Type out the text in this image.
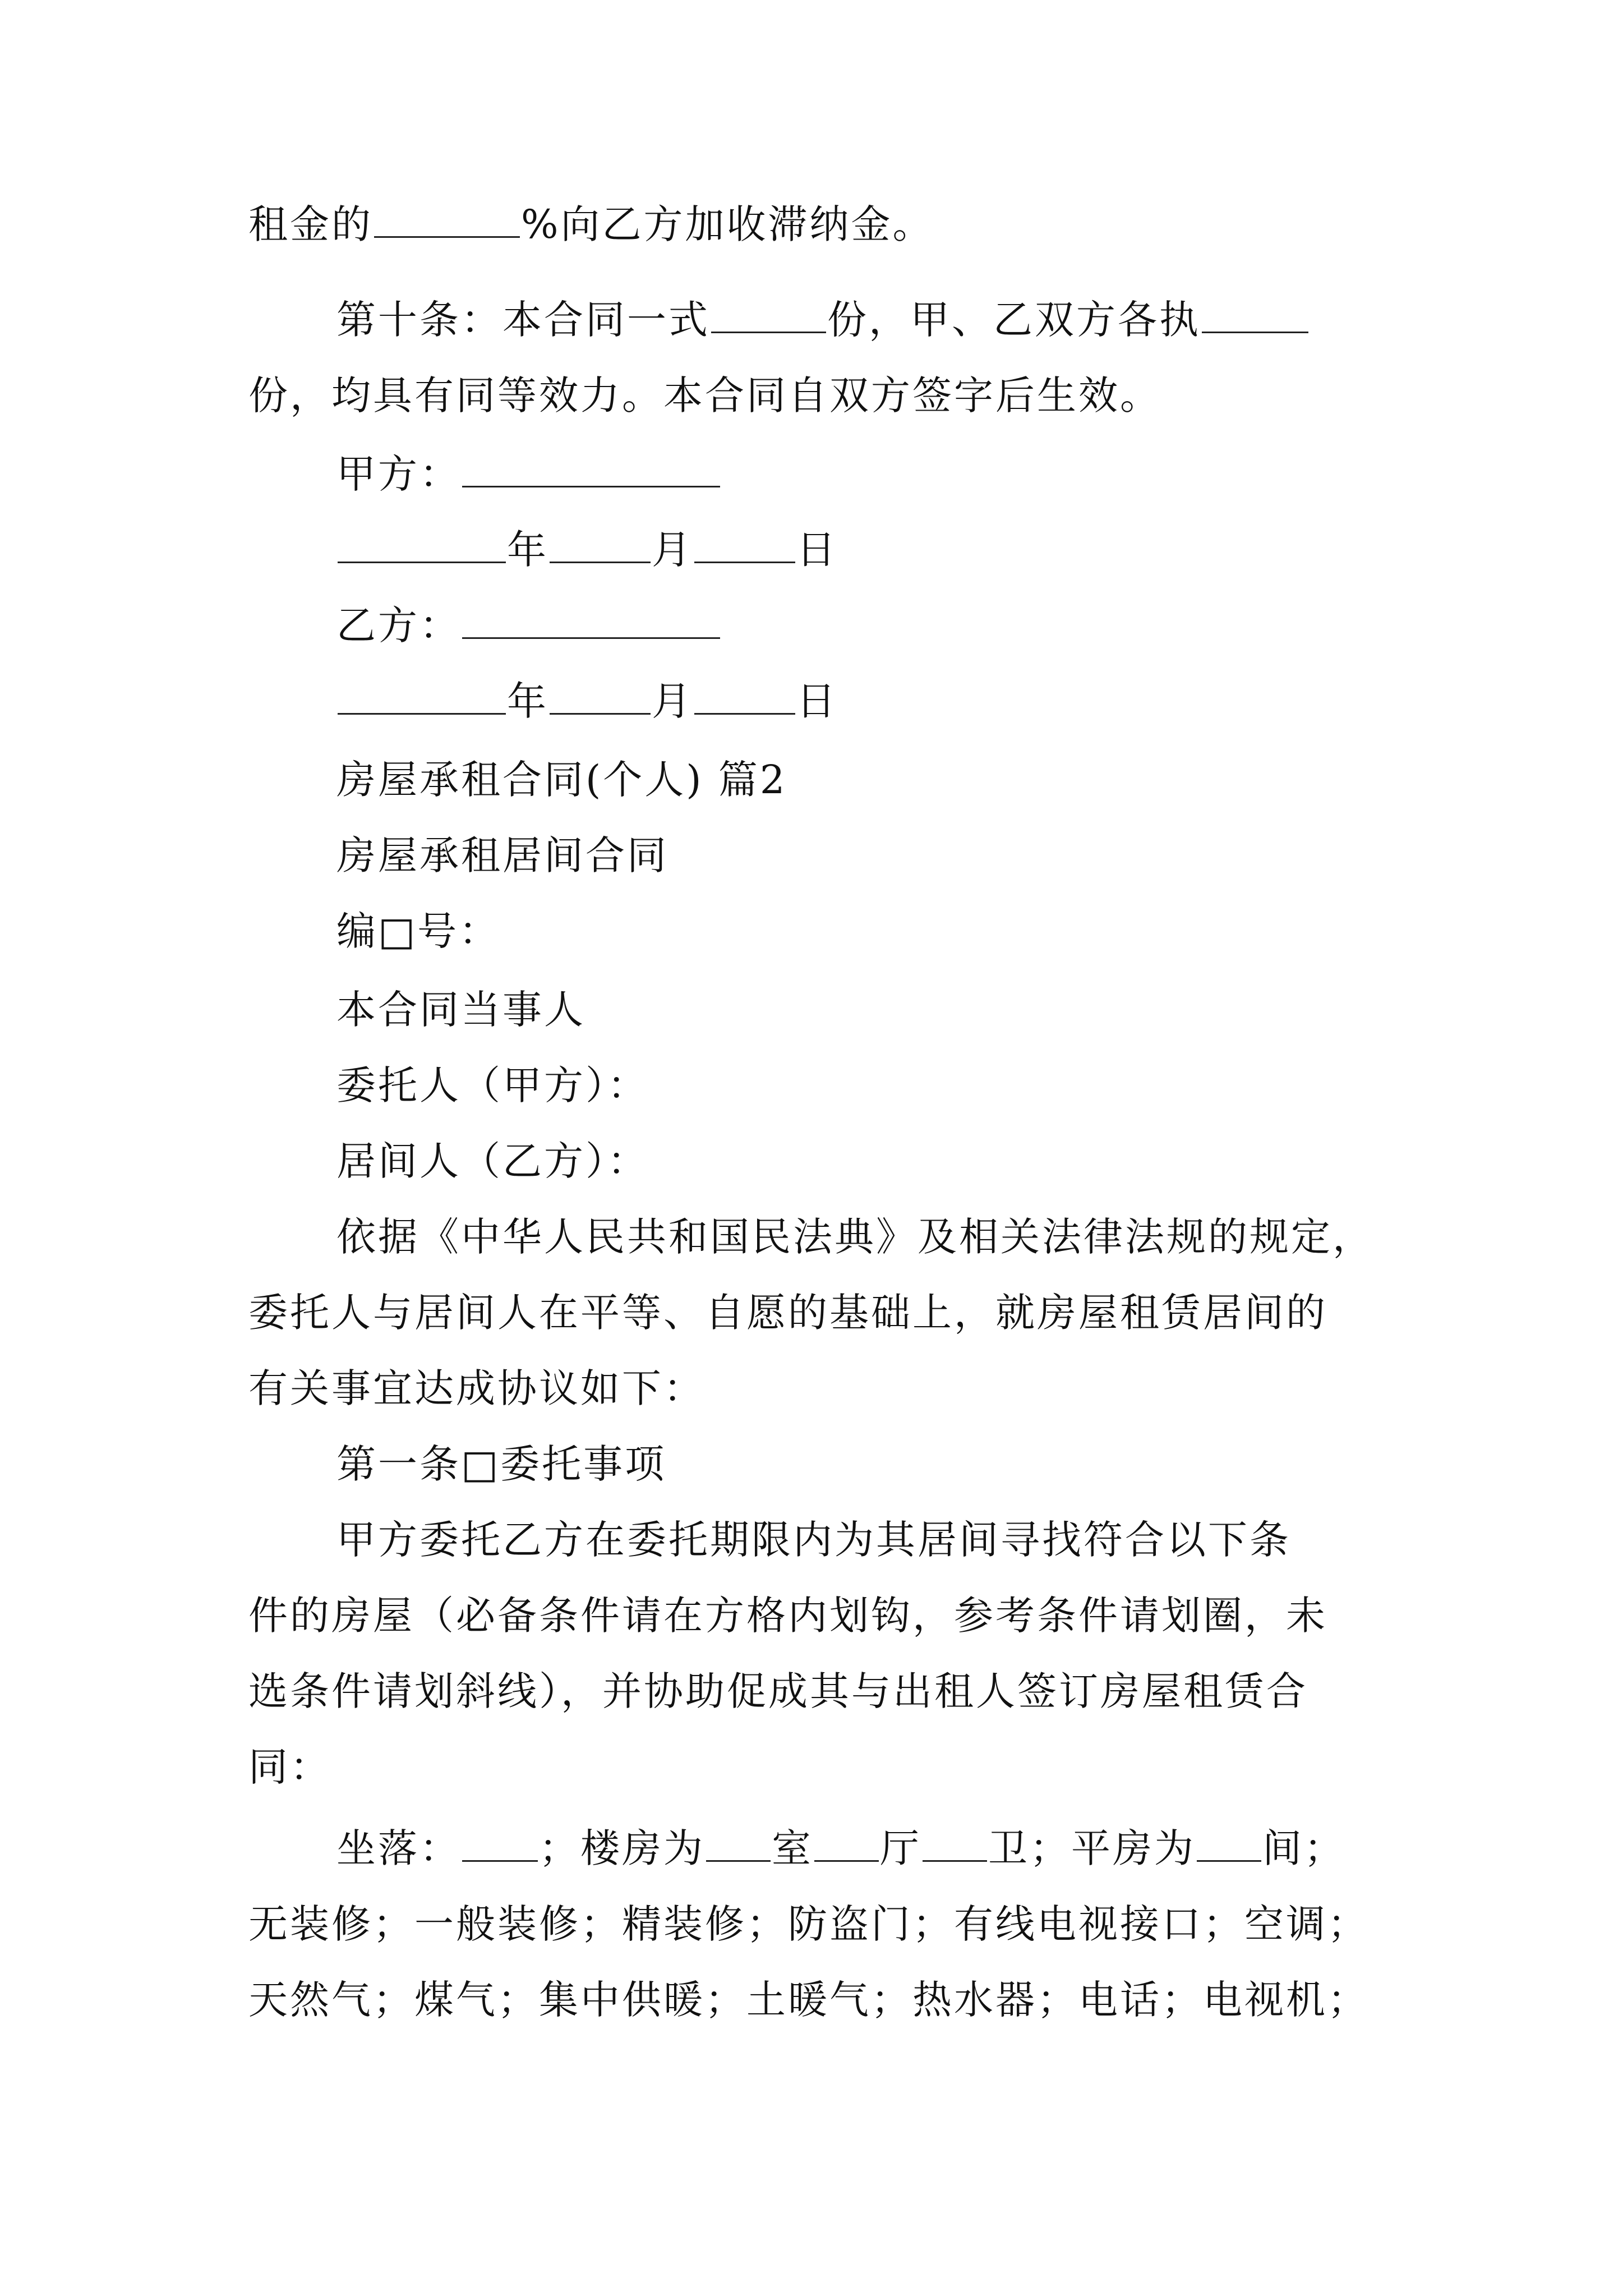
租金的	%向乙方加收滞纳金。
第十条：本合同一式	份，甲、乙双方各执
份，均具有同等效力。本合同自双方签字后生效。
甲方：
年	月	日
乙方：
年	月	日
房屋承租合同(个人) 篇2
房屋承租居间合同
编□号：
本合同当事人
委托人（甲方）：
居间人（乙方）：
依据《中华人民共和国民法典》及相关法律法规的规定，
委托人与居间人在平等、自愿的基础上，就房屋租赁居间的
有关事宜达成协议如下：
第一条□委托事项
甲方委托乙方在委托期限内为其居间寻找符合以下条
件的房屋（必备条件请在方格内划钩，参考条件请划圈，未
选条件请划斜线），并协助促成其与出租人签订房屋租赁合
同：
坐落： ；楼房为 室 厅 卫；平房为 间；
无装修；一般装修；精装修；防盗门；有线电视接口；空调；
天然气；煤气；集中供暖；土暖气；热水器；电话；电视机；
